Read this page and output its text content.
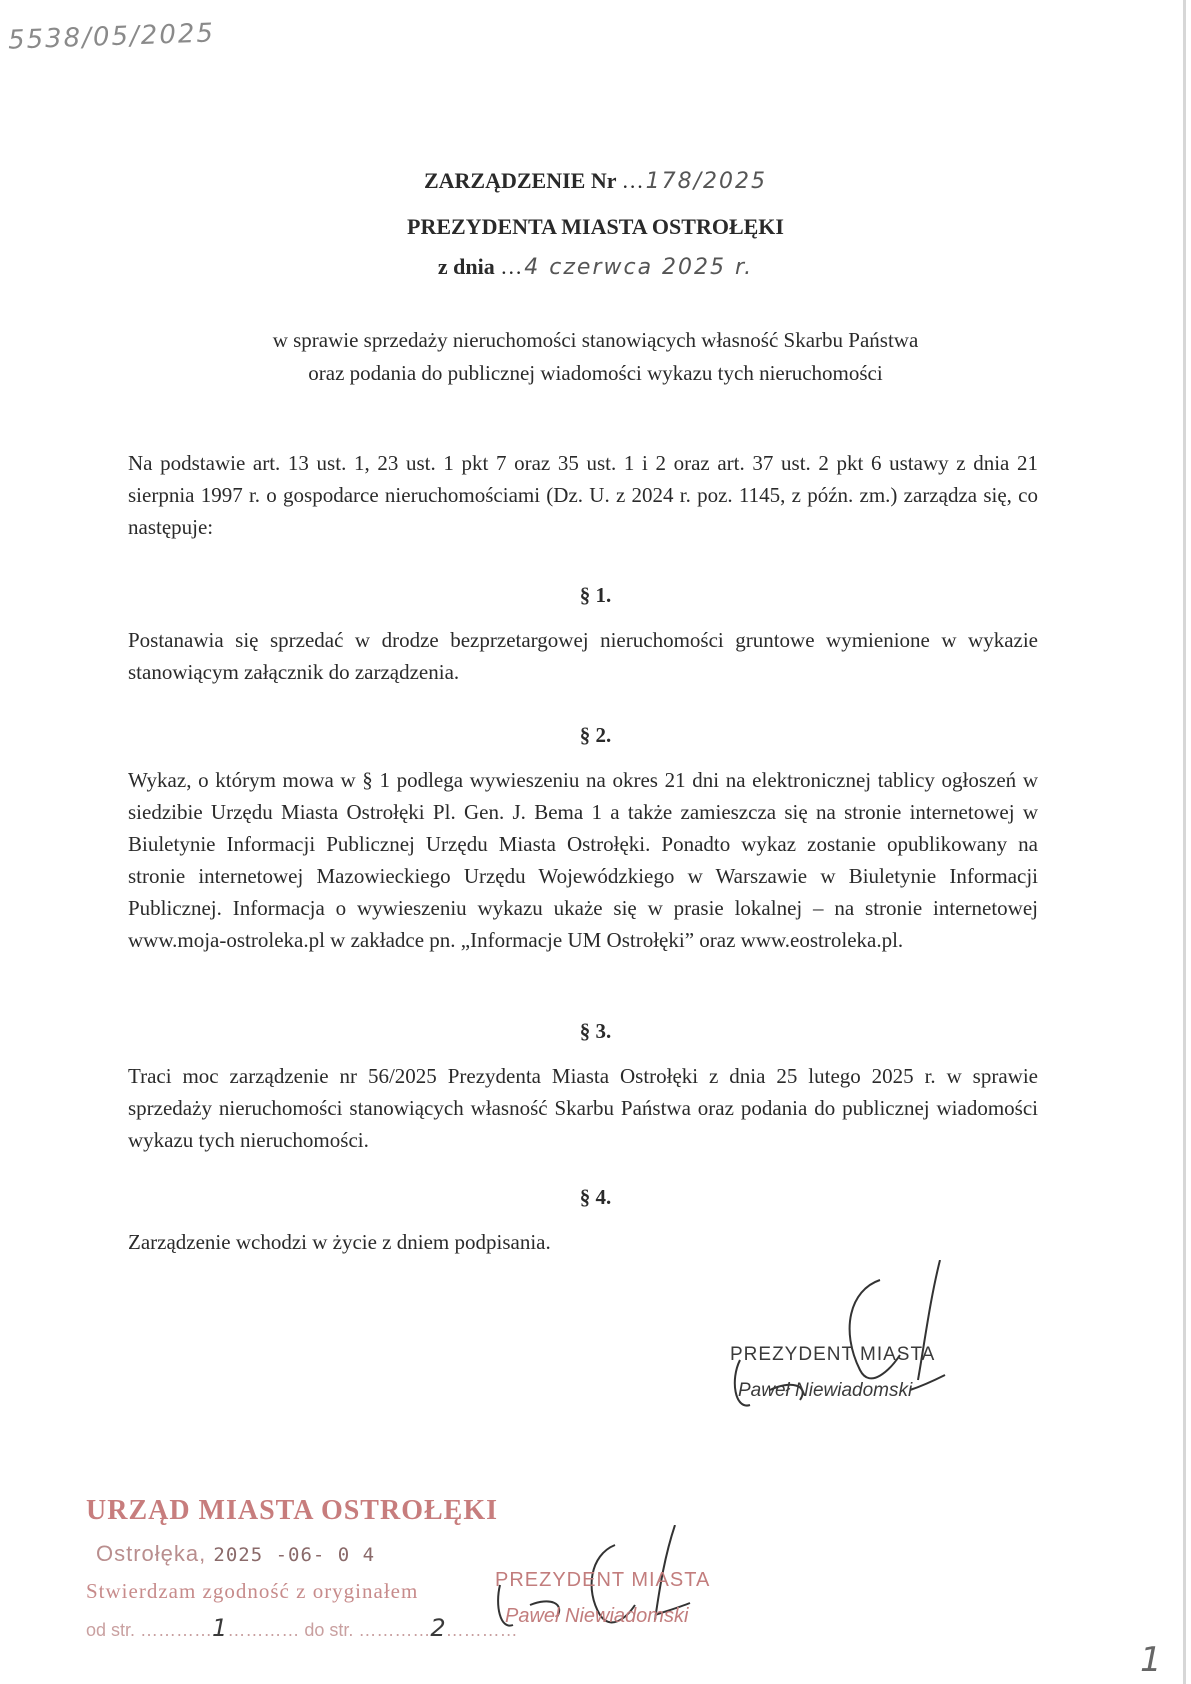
5538/05/2025
ZARZĄDZENIE Nr …178/2025
PREZYDENTA MIASTA OSTROŁĘKI
z dnia …4 czerwca 2025 r.
w sprawie sprzedaży nieruchomości stanowiących własność Skarbu Państwa
oraz podania do publicznej wiadomości wykazu tych nieruchomości
Na podstawie art. 13 ust. 1, 23 ust. 1 pkt 7 oraz 35 ust. 1 i 2 oraz art. 37 ust. 2 pkt 6 ustawy z dnia 21 sierpnia 1997 r. o gospodarce nieruchomościami (Dz. U. z 2024 r. poz. 1145, z późn. zm.) zarządza się, co następuje:
§ 1.
Postanawia się sprzedać w drodze bezprzetargowej nieruchomości gruntowe wymienione w wykazie stanowiącym załącznik do zarządzenia.
§ 2.
Wykaz, o którym mowa w § 1 podlega wywieszeniu na okres 21 dni na elektronicznej tablicy ogłoszeń w siedzibie Urzędu Miasta Ostrołęki Pl. Gen. J. Bema 1 a także zamieszcza się na stronie internetowej w Biuletynie Informacji Publicznej Urzędu Miasta Ostrołęki. Ponadto wykaz zostanie opublikowany na stronie internetowej Mazowieckiego Urzędu Wojewódzkiego w Warszawie w Biuletynie Informacji Publicznej. Informacja o wywieszeniu wykazu ukaże się w prasie lokalnej – na stronie internetowej www.moja-ostroleka.pl w zakładce pn. „Informacje UM Ostrołęki” oraz www.eostroleka.pl.
§ 3.
Traci moc zarządzenie nr 56/2025 Prezydenta Miasta Ostrołęki z dnia 25 lutego 2025 r. w sprawie sprzedaży nieruchomości stanowiących własność Skarbu Państwa oraz podania do publicznej wiadomości wykazu tych nieruchomości.
§ 4.
Zarządzenie wchodzi w życie z dniem podpisania.
PREZYDENT MIASTA
Paweł Niewiadomski
URZĄD MIASTA OSTROŁĘKI
Ostrołęka, 2025 -06- 0 4
Stwierdzam zgodność z oryginałem
od str. …………1………… do str. …………2…………
PREZYDENT MIASTA
Paweł Niewiadomski
1
